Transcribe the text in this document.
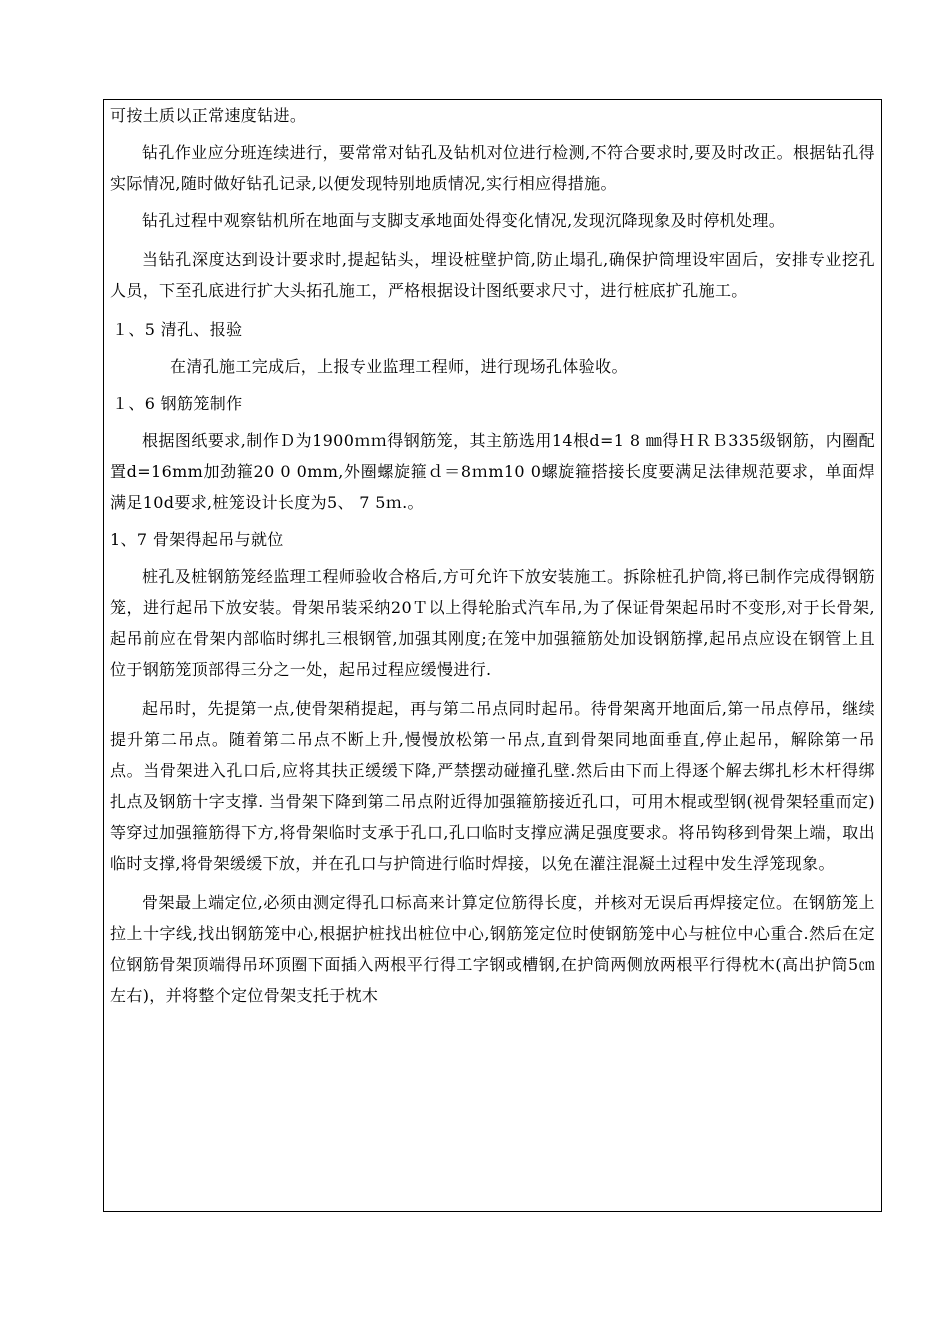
可按土质以正常速度钻进。

钻孔作业应分班连续进行，要常常对钻孔及钻机对位进行检测,不符合要求时,要及时改正。根据钻孔得实际情况,随时做好钻孔记录,以便发现特别地质情况,实行相应得措施。

钻孔过程中观察钻机所在地面与支脚支承地面处得变化情况,发现沉降现象及时停机处理。

当钻孔深度达到设计要求时,提起钻头，埋设桩壁护筒,防止塌孔,确保护筒埋设牢固后，安排专业挖孔人员，下至孔底进行扩大头拓孔施工，严格根据设计图纸要求尺寸，进行桩底扩孔施工。

１、5 清孔、报验

在清孔施工完成后，上报专业监理工程师，进行现场孔体验收。

１、6 钢筋笼制作

根据图纸要求,制作Ｄ为1900ｍｍ得钢筋笼，其主筋选用14根d=1 8 ㎜得ＨＲＢ335级钢筋，内圈配置d=16mm加劲箍20 0 0mm,外圈螺旋箍ｄ＝8ｍm10 0螺旋箍搭接长度要满足法律规范要求，单面焊满足10d要求,桩笼设计长度为5、 7 5ｍ.。

1、7 骨架得起吊与就位

桩孔及桩钢筋笼经监理工程师验收合格后,方可允许下放安装施工。拆除桩孔护筒,将已制作完成得钢筋笼，进行起吊下放安装。骨架吊装采纳20Ｔ以上得轮胎式汽车吊,为了保证骨架起吊时不变形,对于长骨架,起吊前应在骨架内部临时绑扎三根钢管,加强其刚度;在笼中加强箍筋处加设钢筋撑,起吊点应设在钢管上且位于钢筋笼顶部得三分之一处，起吊过程应缓慢进行.

起吊时，先提第一点,使骨架稍提起，再与第二吊点同时起吊。待骨架离开地面后,第一吊点停吊，继续提升第二吊点。随着第二吊点不断上升,慢慢放松第一吊点,直到骨架同地面垂直,停止起吊，解除第一吊点。当骨架进入孔口后,应将其扶正缓缓下降,严禁摆动碰撞孔壁.然后由下而上得逐个解去绑扎杉木杆得绑扎点及钢筋十字支撑. 当骨架下降到第二吊点附近得加强箍筋接近孔口，可用木棍或型钢(视骨架轻重而定)等穿过加强箍筋得下方,将骨架临时支承于孔口,孔口临时支撑应满足强度要求。将吊钩移到骨架上端，取出临时支撑,将骨架缓缓下放，并在孔口与护筒进行临时焊接，以免在灌注混凝土过程中发生浮笼现象。

骨架最上端定位,必须由测定得孔口标高来计算定位筋得长度，并核对无误后再焊接定位。在钢筋笼上拉上十字线,找出钢筋笼中心,根据护桩找出桩位中心,钢筋笼定位时使钢筋笼中心与桩位中心重合.然后在定位钢筋骨架顶端得吊环顶圈下面插入两根平行得工字钢或槽钢,在护筒两侧放两根平行得枕木(高出护筒5㎝左右)，并将整个定位骨架支托于枕木
